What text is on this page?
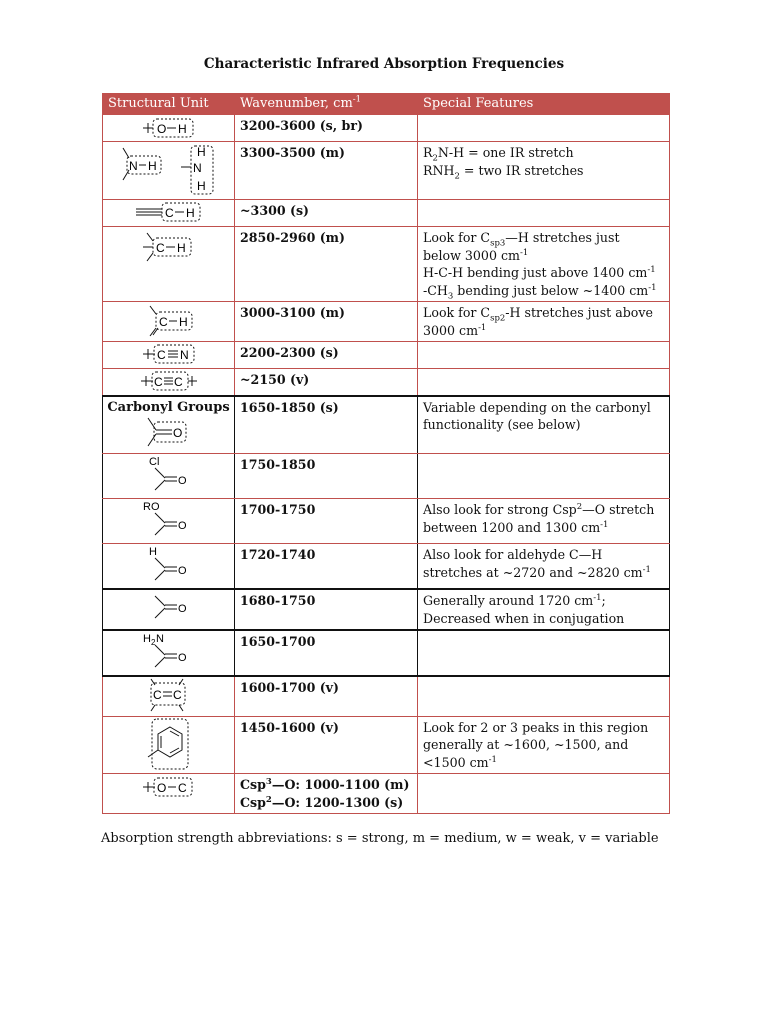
Characteristic Infrared Absorption Frequencies
Structural Unit	Wavenumber, $cm^{-1}$	Special Features

O H	3200-3600 (s, br)	

N H
H
N
H	3300-3500 (m)	$R_2N-H$ = one IR stretch
$RNH_2$ = two IR stretches

C H	~3300 (s)	

C H	2850-2960 (m)	Look for $C_{sp3}—H$ stretches just
below 3000 $cm^{-1}$
H-C-H bending just above 1400 $cm^{-1}$
$-CH_3$ bending just below ~1400 $cm^{-1}$

C H	3000-3100 (m)	Look for $C_{sp2}-H$ stretches just above
3000 $cm^{-1}$

C N	2200-2300 (s)	

C C	~2150 (v)	

Carbonyl Groups
O	1650-1850 (s)	Variable depending on the carbonyl
functionality (see below)

Cl
O	1750-1850	

RO
O	1700-1750	Also look for strong Csp$^2$—O stretch
between 1200 and 1300 $cm^{-1}$

H
O	1720-1740	Also look for aldehyde C—H
stretches at ~2720 and ~2820 $cm^{-1}$

O	1680-1750	Generally around 1720 $cm^{-1}$;
Decreased when in conjugation

H 2 N
O	1650-1700	

C C	1600-1700 (v)	

	1450-1600 (v)	Look for 2 or 3 peaks in this region
generally at ~1600, ~1500, and
<1500 $cm^{-1}$

O C	Csp$^3$—O: 1000-1100 (m)
Csp$^2$—O: 1200-1300 (s)	
Absorption strength abbreviations: s = strong, m = medium, w = weak, v = variable
